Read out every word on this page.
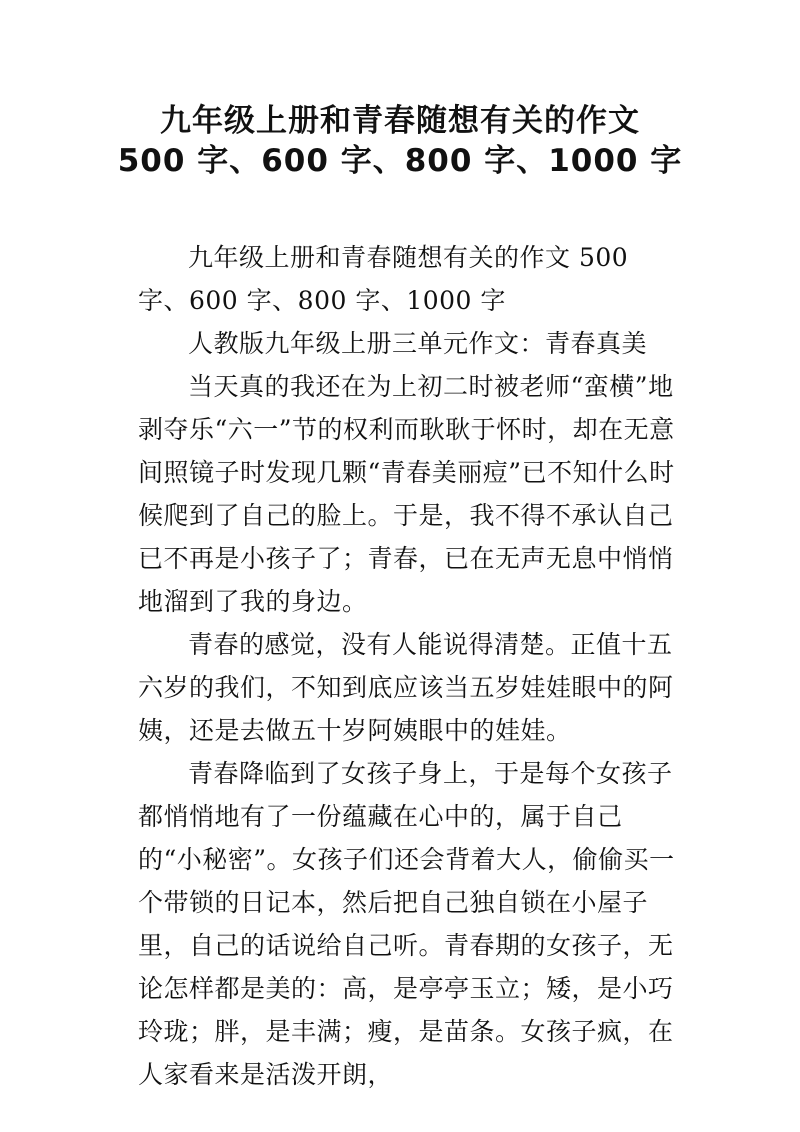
九年级上册和青春随想有关的作文
500 字、600 字、800 字、1000 字

九年级上册和青春随想有关的作文 500 字、600 字、800 字、1000 字

人教版九年级上册三单元作文：青春真美

当天真的我还在为上初二时被老师“蛮横”地剥夺乐“六一”节的权利而耿耿于怀时，却在无意间照镜子时发现几颗“青春美丽痘”已不知什么时候爬到了自己的脸上。于是，我不得不承认自己已不再是小孩子了；青春，已在无声无息中悄悄地溜到了我的身边。

青春的感觉，没有人能说得清楚。正值十五六岁的我们，不知到底应该当五岁娃娃眼中的阿姨，还是去做五十岁阿姨眼中的娃娃。

青春降临到了女孩子身上，于是每个女孩子都悄悄地有了一份蕴藏在心中的，属于自己的“小秘密”。女孩子们还会背着大人，偷偷买一个带锁的日记本，然后把自己独自锁在小屋子里，自己的话说给自己听。青春期的女孩子，无论怎样都是美的：高，是亭亭玉立；矮，是小巧玲珑；胖，是丰满；瘦，是苗条。女孩子疯，在人家看来是活泼开朗，
